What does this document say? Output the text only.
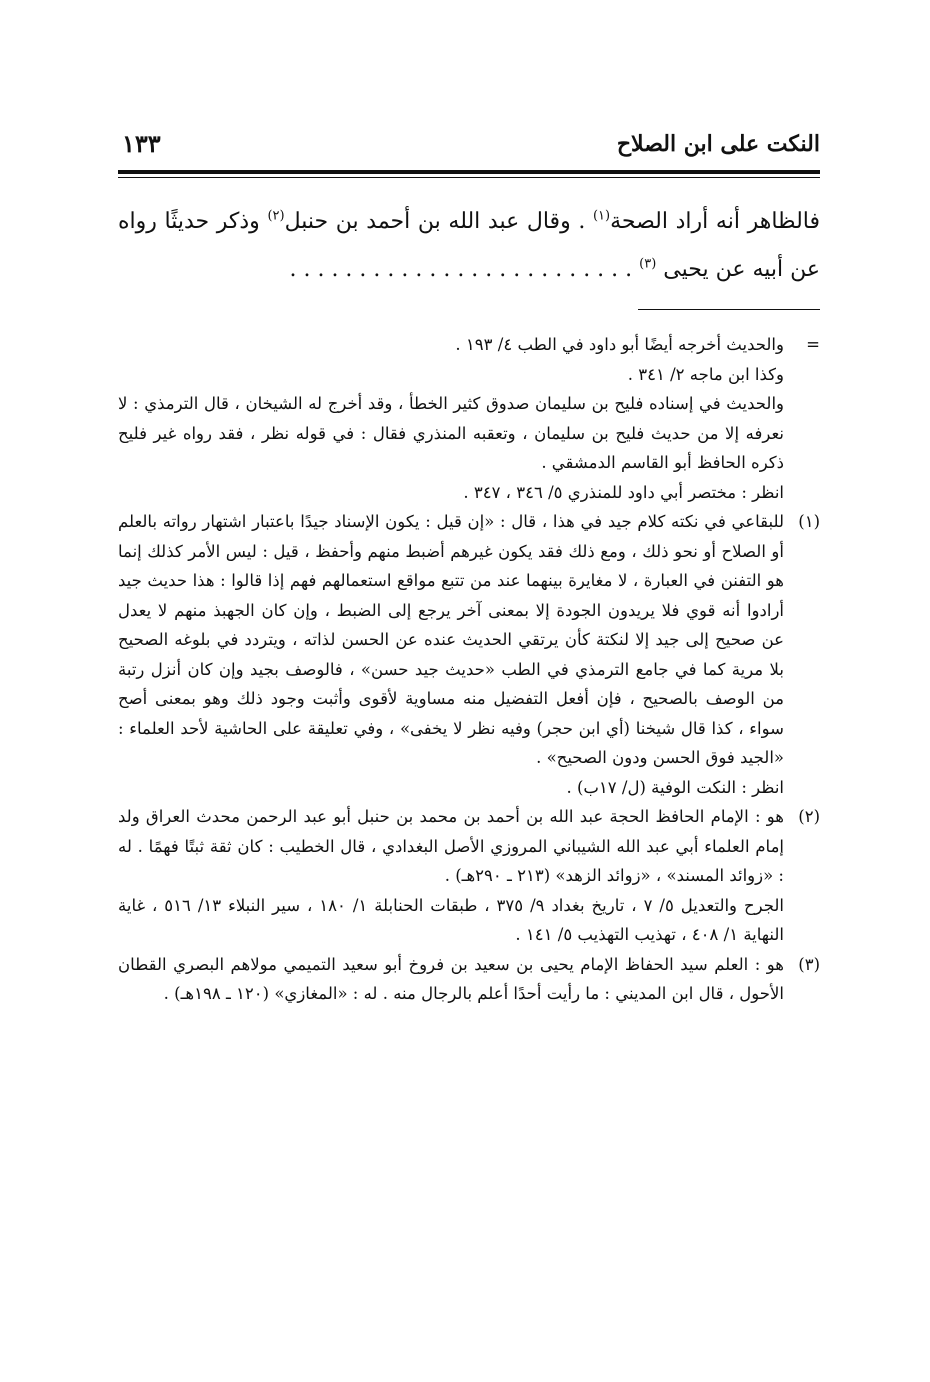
النكت على ابن الصلاح
١٣٣

فالظاهر أنه أراد الصحة$^{(١)}$ . وقال عبد الله بن أحمد بن حنبل$^{(٢)}$ وذكر حديثًا رواه عن أبيه عن يحيى $^{(٣)}$ . . . . . . . . . . . . . . . . . . . . . . . . .

=

والحديث أخرجه أيضًا أبو داود في الطب ٤/ ١٩٣ .

وكذا ابن ماجه ٢/ ٣٤١ .

والحديث في إسناده فليح بن سليمان صدوق كثير الخطأ ، وقد أخرج له الشيخان ، قال الترمذي : لا نعرفه إلا من حديث فليح بن سليمان ، وتعقبه المنذري فقال : في قوله نظر ، فقد رواه غير فليح ذكره الحافظ أبو القاسم الدمشقي .

انظر : مختصر أبي داود للمنذري ٥/ ٣٤٦ ، ٣٤٧ .

(١)

للبقاعي في نكته كلام جيد في هذا ، قال : «إن قيل : يكون الإسناد جيدًا باعتبار اشتهار رواته بالعلم أو الصلاح أو نحو ذلك ، ومع ذلك فقد يكون غيرهم أضبط منهم وأحفظ ، قيل : ليس الأمر كذلك إنما هو التفنن في العبارة ، لا مغايرة بينهما عند من تتبع مواقع استعمالهم فهم إذا قالوا : هذا حديث جيد أرادوا أنه قوي فلا يريدون الجودة إلا بمعنى آخر يرجع إلى الضبط ، وإن كان الجهبذ منهم لا يعدل عن صحيح إلى جيد إلا لنكتة كأن يرتقي الحديث عنده عن الحسن لذاته ، ويتردد في بلوغه الصحيح بلا مرية كما في جامع الترمذي في الطب «حديث جيد حسن» ، فالوصف بجيد وإن كان أنزل رتبة من الوصف بالصحيح ، فإن أفعل التفضيل منه مساوية لأقوى وأثبت وجود ذلك وهو بمعنى أصح سواء ، كذا قال شيخنا (أي ابن حجر) وفيه نظر لا يخفى» ، وفي تعليقة على الحاشية لأحد العلماء : «الجيد فوق الحسن ودون الصحيح» .

انظر : النكت الوفية (ل/ ١٧ب) .

(٢)

هو : الإمام الحافظ الحجة عبد الله بن أحمد بن محمد بن حنبل أبو عبد الرحمن محدث العراق ولد إمام العلماء أبي عبد الله الشيباني المروزي الأصل البغدادي ، قال الخطيب : كان ثقة ثبتًا فهمًا . له : «زوائد المسند» ، «زوائد الزهد» (٢١٣ ـ ٢٩٠هـ) .

الجرح والتعديل ٥/ ٧ ، تاريخ بغداد ٩/ ٣٧٥ ، طبقات الحنابلة ١/ ١٨٠ ، سير النبلاء ١٣/ ٥١٦ ، غاية النهاية ١/ ٤٠٨ ، تهذيب التهذيب ٥/ ١٤١ .

(٣)

هو : العلم سيد الحفاظ الإمام يحيى بن سعيد بن فروخ أبو سعيد التميمي مولاهم البصري القطان الأحول ، قال ابن المديني : ما رأيت أحدًا أعلم بالرجال منه . له : «المغازي» (١٢٠ ـ ١٩٨هـ) .
